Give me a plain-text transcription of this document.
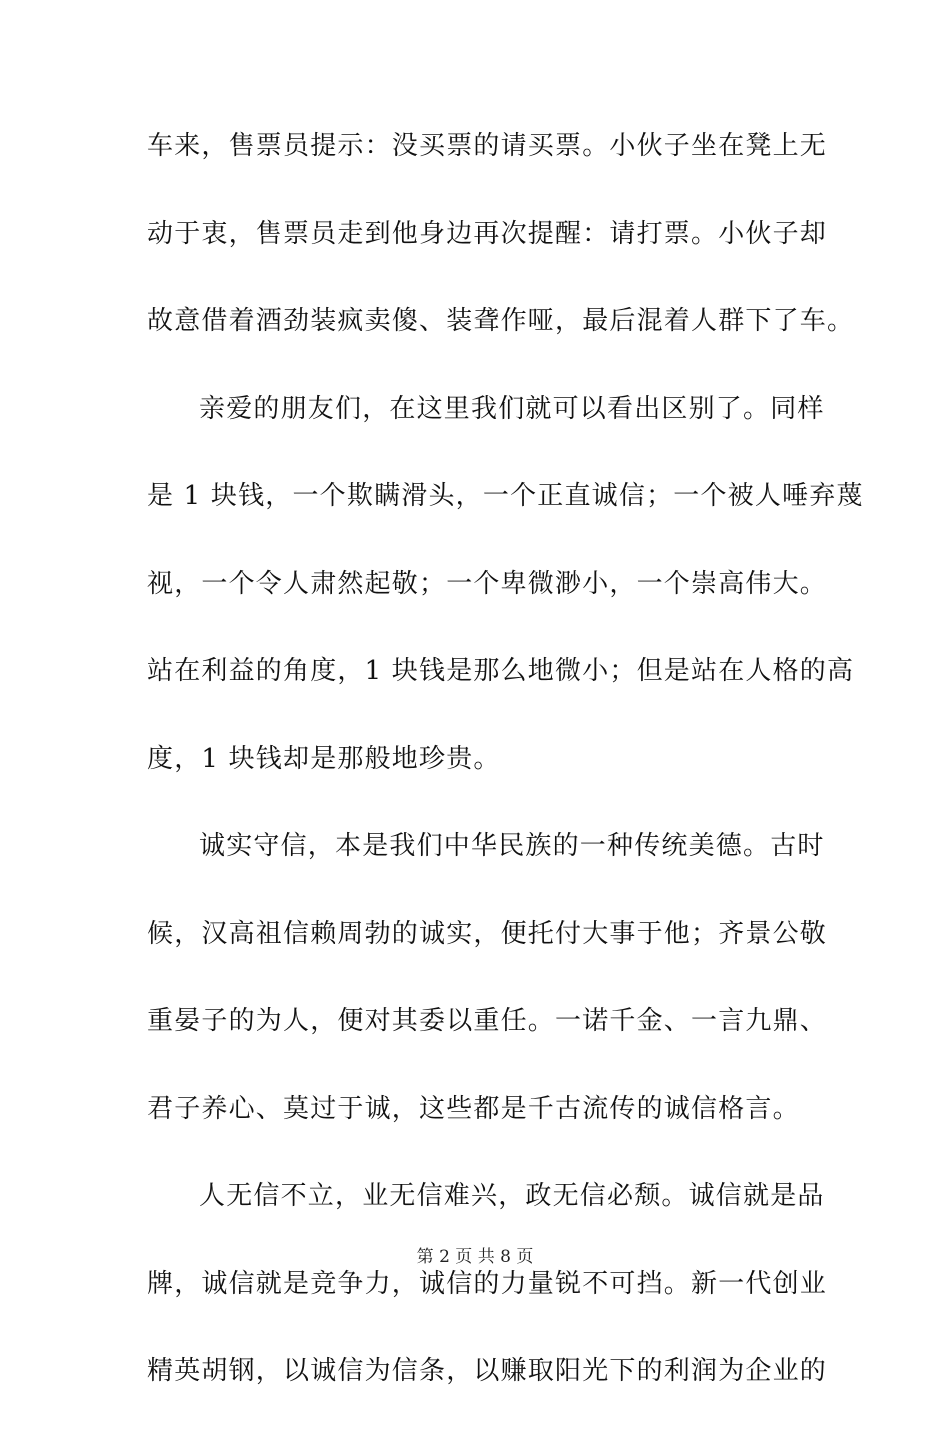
车来，售票员提示：没买票的请买票。小伙子坐在凳上无
动于衷，售票员走到他身边再次提醒：请打票。小伙子却
故意借着酒劲装疯卖傻、装聋作哑，最后混着人群下了车。
亲爱的朋友们，在这里我们就可以看出区别了。同样
是 1 块钱，一个欺瞒滑头，一个正直诚信；一个被人唾弃蔑
视，一个令人肃然起敬；一个卑微渺小，一个崇高伟大。
站在利益的角度，1 块钱是那么地微小；但是站在人格的高
度，1 块钱却是那般地珍贵。
诚实守信，本是我们中华民族的一种传统美德。古时
候，汉高祖信赖周勃的诚实，便托付大事于他；齐景公敬
重晏子的为人，便对其委以重任。一诺千金、一言九鼎、
君子养心、莫过于诚，这些都是千古流传的诚信格言。
人无信不立，业无信难兴，政无信必颓。诚信就是品
牌，诚信就是竞争力，诚信的力量锐不可挡。新一代创业
精英胡钢，以诚信为信条，以赚取阳光下的利润为企业的
第 2 页 共 8 页
